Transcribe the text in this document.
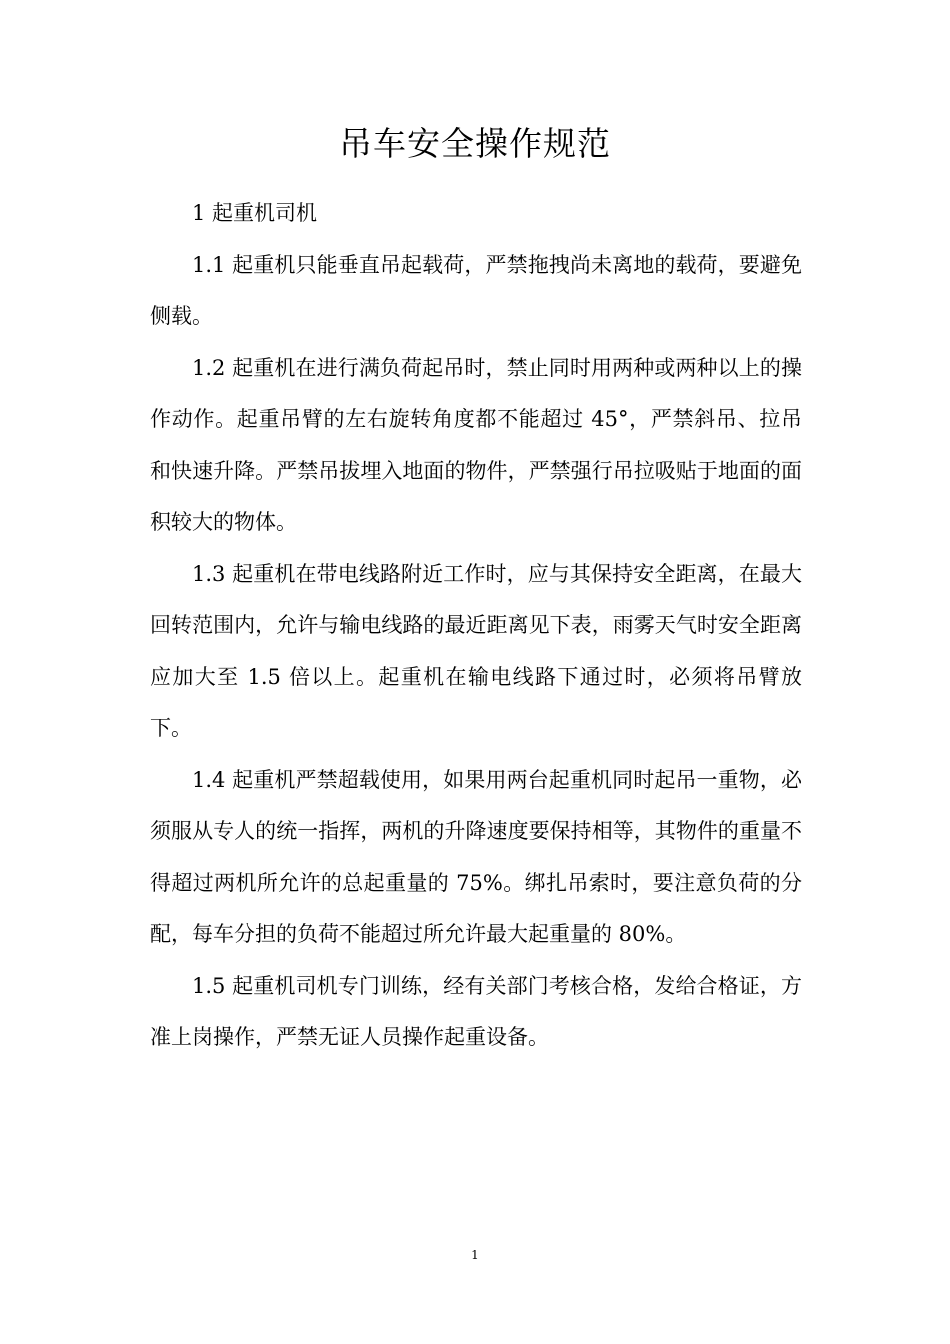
吊车安全操作规范

1 起重机司机

1.1 起重机只能垂直吊起载荷，严禁拖拽尚未离地的载荷，要避免侧载。

1.2 起重机在进行满负荷起吊时，禁止同时用两种或两种以上的操作动作。起重吊臂的左右旋转角度都不能超过 45°，严禁斜吊、拉吊和快速升降。严禁吊拔埋入地面的物件，严禁强行吊拉吸贴于地面的面积较大的物体。

1.3 起重机在带电线路附近工作时，应与其保持安全距离，在最大回转范围内，允许与输电线路的最近距离见下表，雨雾天气时安全距离应加大至 1.5 倍以上。起重机在输电线路下通过时，必须将吊臂放下。

1.4 起重机严禁超载使用，如果用两台起重机同时起吊一重物，必须服从专人的统一指挥，两机的升降速度要保持相等，其物件的重量不得超过两机所允许的总起重量的 75%。绑扎吊索时，要注意负荷的分配，每车分担的负荷不能超过所允许最大起重量的 80%。

1.5 起重机司机专门训练，经有关部门考核合格，发给合格证，方准上岗操作，严禁无证人员操作起重设备。

1
